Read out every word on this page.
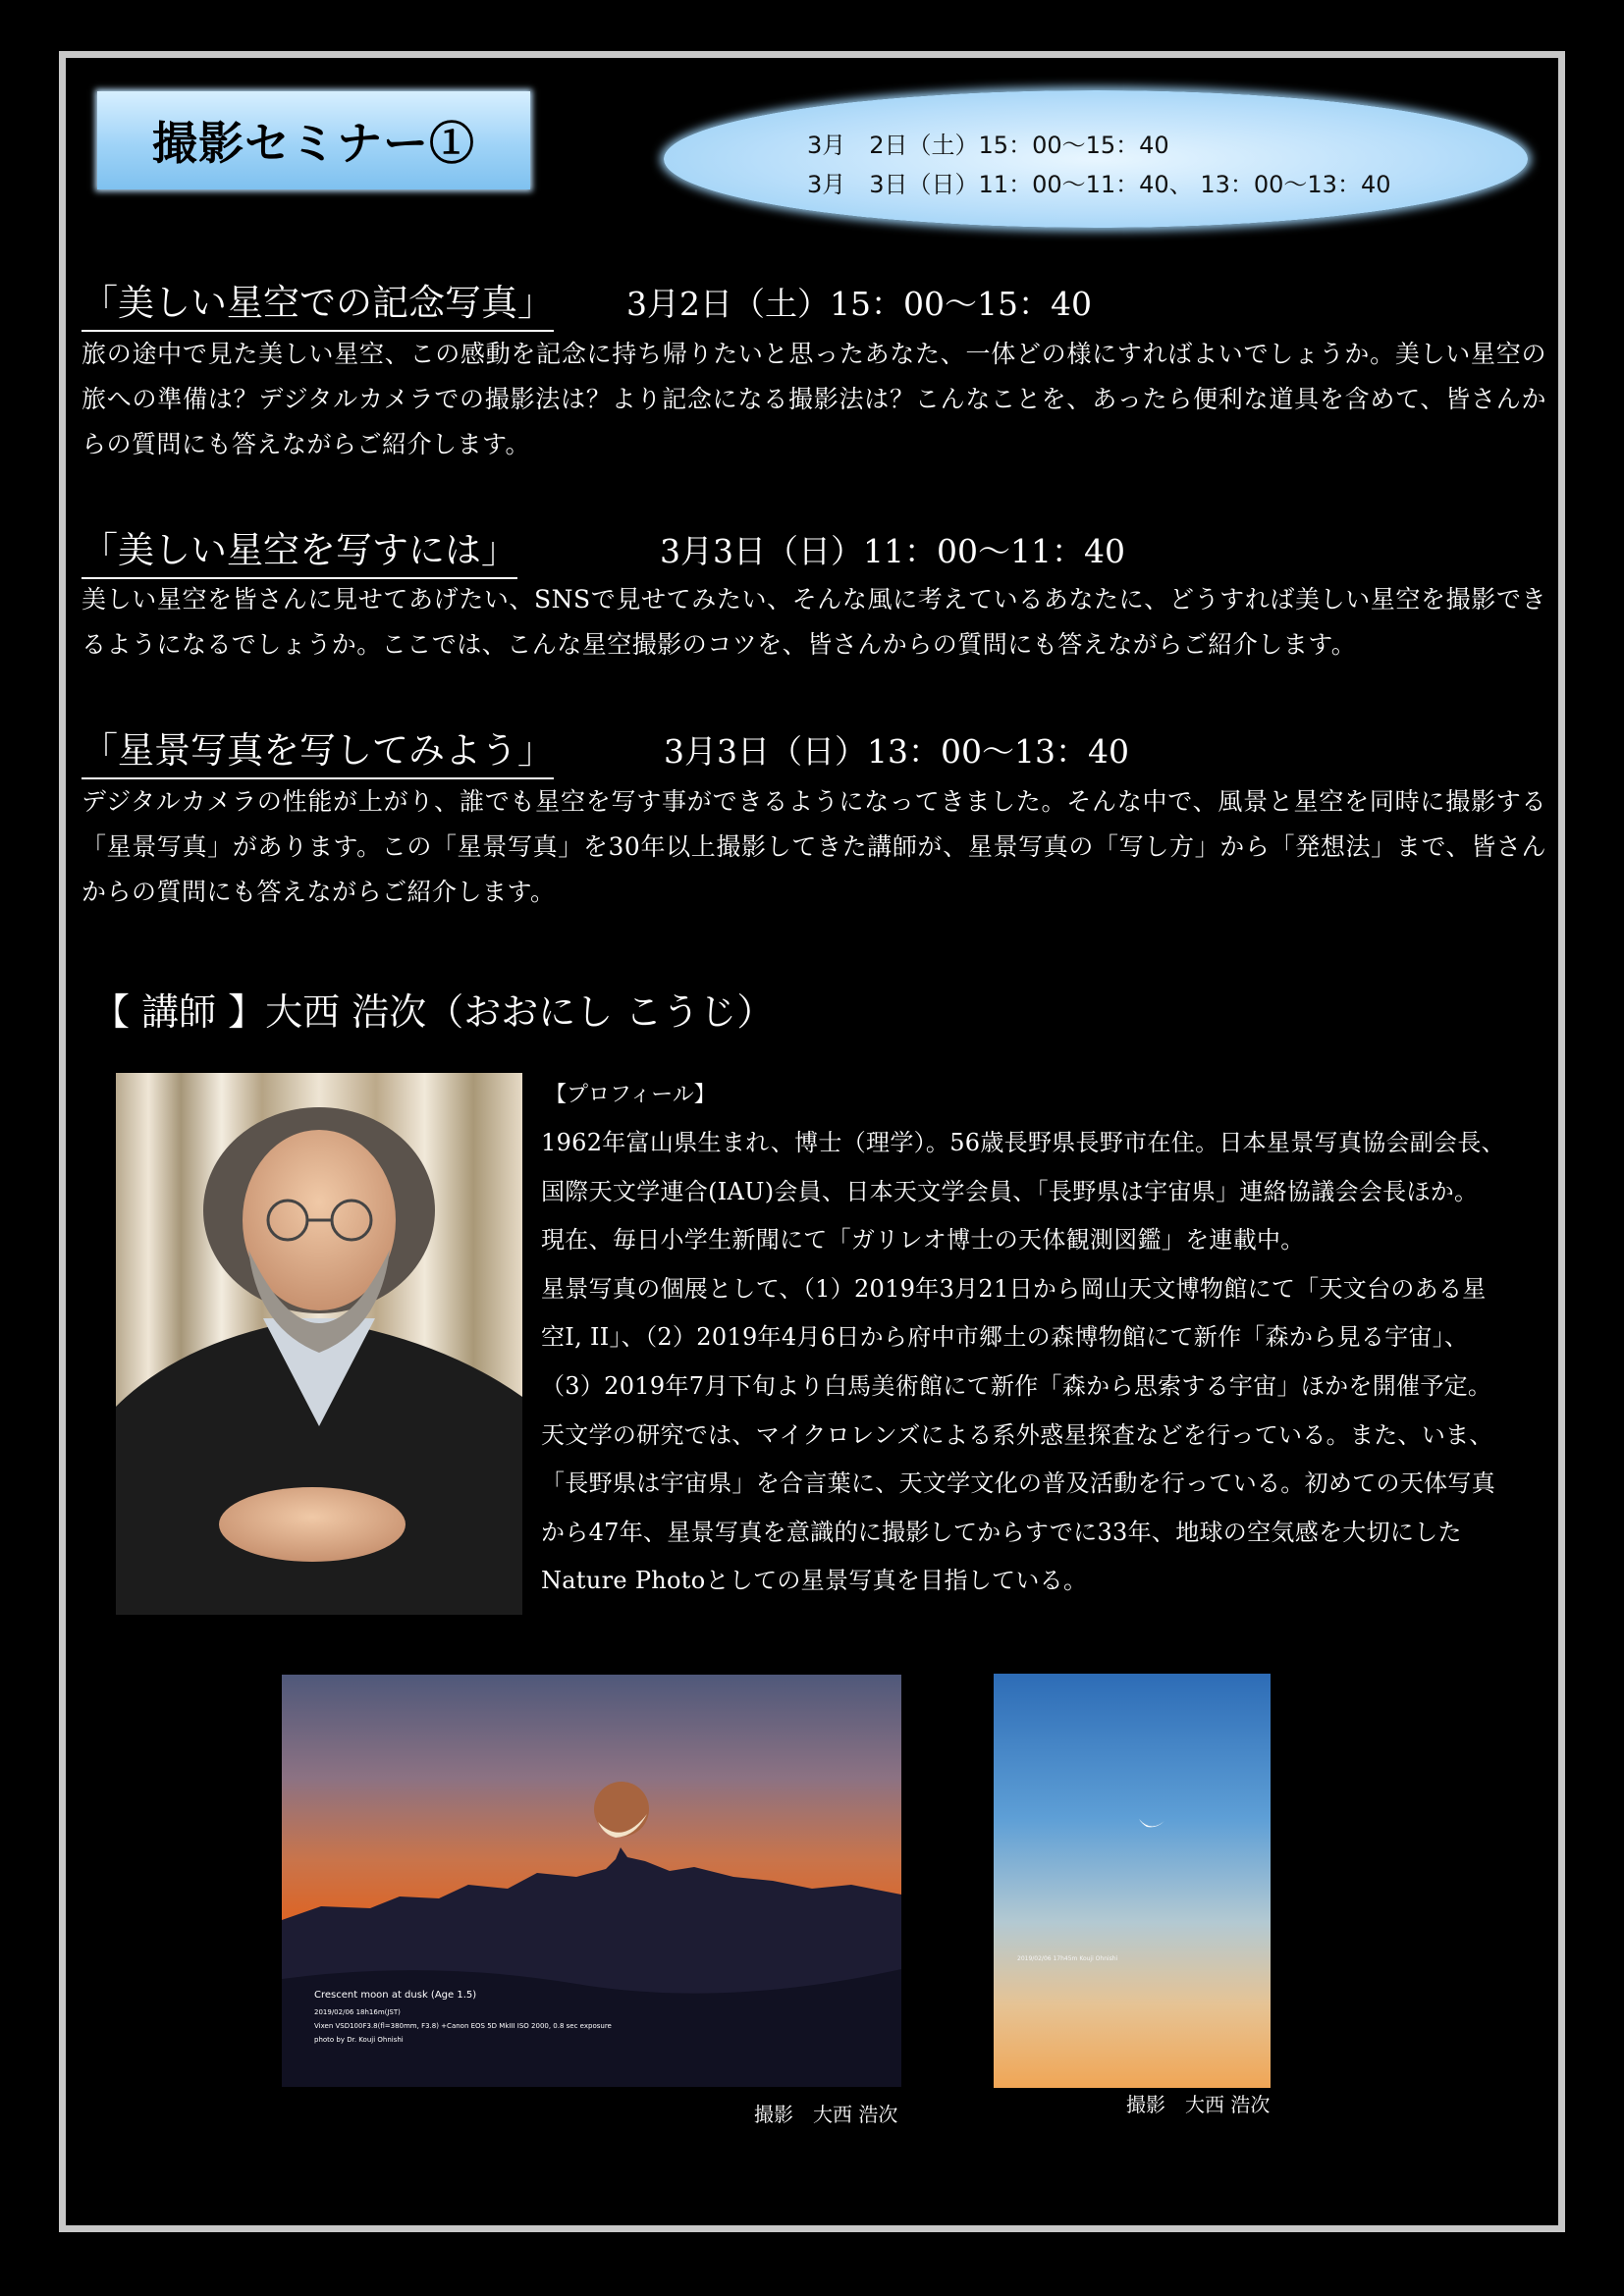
撮影セミナー①	3月　2日（土）15：00〜15：40
3月　3日（日）11：00〜11：40、 13：00〜13：40
「美しい星空での記念写真」 3月2日（土）15：00〜15：40
旅の途中で見た美しい星空、この感動を記念に持ち帰りたいと思ったあなた、一体どの様にすればよいでしょうか。美しい星空の旅への準備は？デジタルカメラでの撮影法は？より記念になる撮影法は？こんなことを、あったら便利な道具を含めて、皆さんからの質問にも答えながらご紹介します。
「美しい星空を写すには」	3月3日（日）11：00〜11：40
美しい星空を皆さんに見せてあげたい、SNSで見せてみたい、そんな風に考えているあなたに、どうすれば美しい星空を撮影できるようになるでしょうか。ここでは、こんな星空撮影のコツを、皆さんからの質問にも答えながらご紹介します。
「星景写真を写してみよう」	3月3日（日）13：00〜13：40
デジタルカメラの性能が上がり、誰でも星空を写す事ができるようになってきました。そんな中で、風景と星空を同時に撮影する「星景写真」があります。この「星景写真」を30年以上撮影してきた講師が、星景写真の「写し方」から「発想法」まで、皆さんからの質問にも答えながらご紹介します。
【 講師 】大西 浩次（おおにし こうじ）
【プロフィール】
1962年富山県生まれ、博士（理学）。56歳長野県長野市在住。日本星景写真協会副会長、
国際天文学連合(IAU)会員、日本天文学会員、「長野県は宇宙県」連絡協議会会長ほか。
現在、毎日小学生新聞にて「ガリレオ博士の天体観測図鑑」を連載中。
星景写真の個展として、（1）2019年3月21日から岡山天文博物館にて「天文台のある星
空I, II」、（2）2019年4月6日から府中市郷土の森博物館にて新作「森から見る宇宙」、
（3）2019年7月下旬より白馬美術館にて新作「森から思索する宇宙」ほかを開催予定。
天文学の研究では、マイクロレンズによる系外惑星探査などを行っている。また、いま、
「長野県は宇宙県」を合言葉に、天文学文化の普及活動を行っている。初めての天体写真
から47年、星景写真を意識的に撮影してからすでに33年、地球の空気感を大切にした
Nature Photoとしての星景写真を目指している。
Crescent moon at dusk (Age 1.5)
2019/02/06 18h16m(JST)
Vixen VSD100F3.8(fl=380mm, F3.8) +Canon EOS 5D MkIII ISO 2000, 0.8 sec exposure
photo by Dr. Kouji Ohnishi
撮影　大西 浩次
2019/02/06 17h45m Kouji Ohnishi
撮影　大西 浩次
